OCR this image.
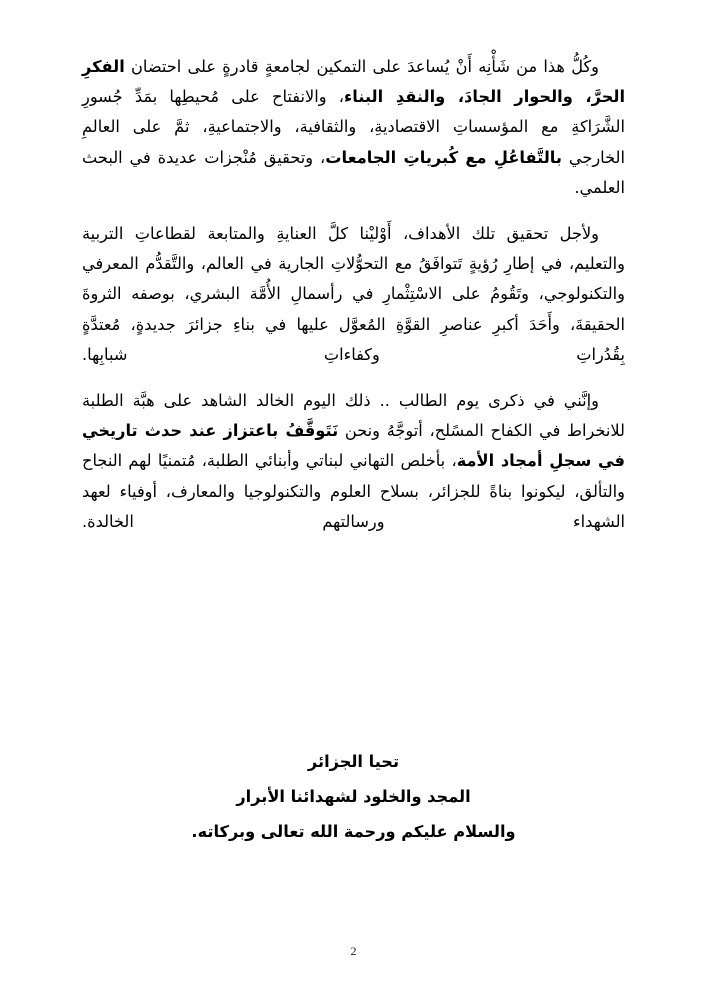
وكُلُّ هذا من شَأْنِه أَنْ يُساعدَ على التمكين لجامعةٍ قادرةٍ على احتضان الفكرِ الحرَّ، والحوار الجادَ، والنقدِ البناء، والانفتاح على مُحيطِها بمَدِّ جُسورِ الشَّرَاكةِ مع المؤسساتِ الاقتصاديةِ، والثقافية، والاجتماعيةِ، ثمَّ على العالمِ الخارجي بالتَّفاعُلِ مع كُبرياتِ الجامعات، وتحقيق مُنْجزات عديدة في البحث العلمي.

ولأجل تحقيق تلك الأهداف، أَوْليْنا كلَّ العنايةِ والمتابعة لقطاعاتِ التربية والتعليم، في إطارِ رُؤيةٍ تَتوافَقُ مع التحوُّلاتِ الجارية في العالم، والتَّقدُّم المعرفي والتكنولوجي، وتَقُومُ على الاسْتِثْمارِ في رأسمالِ الأُمَّة البشري، بوصفه الثروةَ الحقيقةَ، وأَحَدَ أكبرِ عناصرِ القوَّةِ المُعوَّل عليها في بناءِ جزائرَ جديدةٍ، مُعتدَّةٍ بِقُدُراتِ وكفاءاتِ شبابِها.

وإنَّني في ذكرى يوم الطالب .. ذلك اليوم الخالد الشاهد على هبَّة الطلبة للانخراط في الكفاح المسًلح، أتوجَّهُ ونحن نَتَوقَّفُ باعتزاز عند حدث تاريخي في سجلِ أمجاد الأمة، بأخلص التهاني لبناتي وأبنائي الطلبة، مُتمنيًا لهم النجاح والتألق، ليكونوا بناةً للجزائر، بسلاح العلوم والتكنولوجيا والمعارف، أوفياء لعهد الشهداء ورسالتهم الخالدة.

تحيا الجزائر
المجد والخلود لشهدائنا الأبرار
والسلام عليكم ورحمة الله تعالى وبركاته.
2
